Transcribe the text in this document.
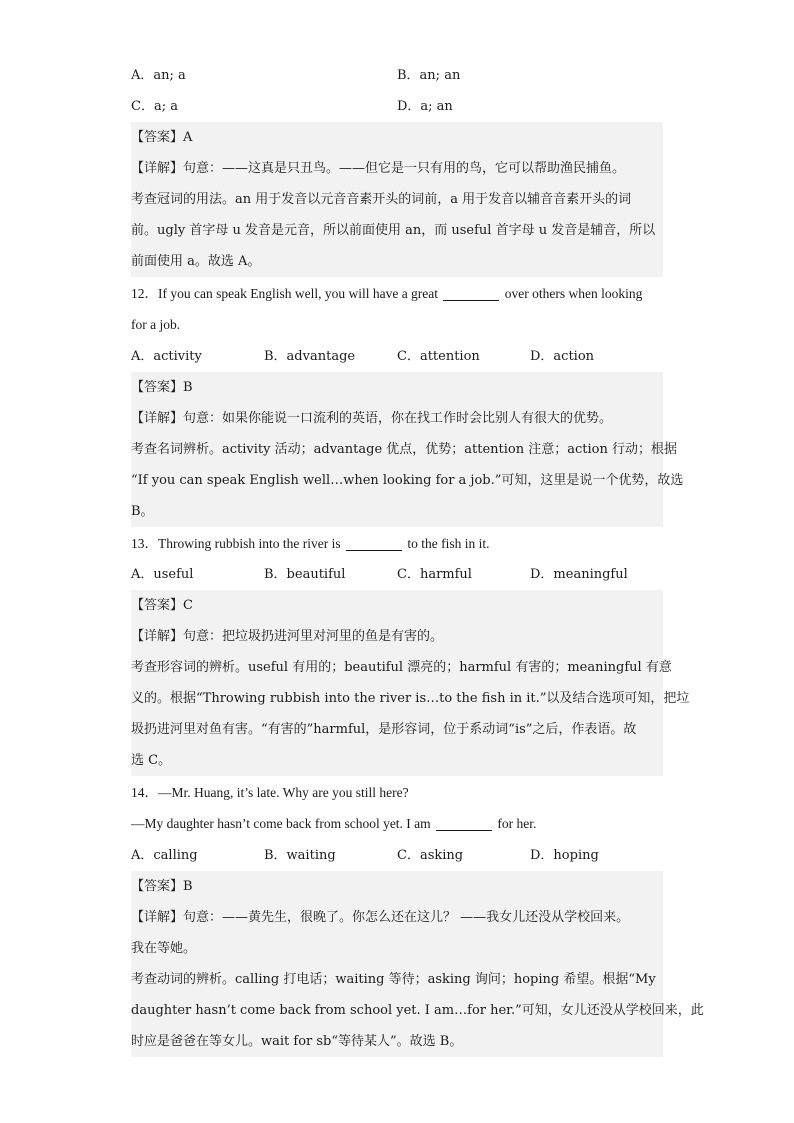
A．an; a	B．an; an
C．a; a	D．a; an
【答案】A
【详解】句意：——这真是只丑鸟。——但它是一只有用的鸟，它可以帮助渔民捕鱼。
考查冠词的用法。an 用于发音以元音音素开头的词前，a 用于发音以辅音音素开头的词
前。ugly 首字母 u 发音是元音，所以前面使用 an，而 useful 首字母 u 发音是辅音，所以
前面使用 a。故选 A。
12．If you can speak English well, you will have a great	over others when looking
for a job.
A．activity	B．advantage	C．attention	D．action
【答案】B
【详解】句意：如果你能说一口流利的英语，你在找工作时会比别人有很大的优势。
考查名词辨析。activity 活动；advantage 优点，优势；attention 注意；action 行动；根据
“If you can speak English well…when looking for a job.”可知，这里是说一个优势，故选
B。
13．Throwing rubbish into the river is	to the fish in it.
A．useful	B．beautiful	C．harmful	D．meaningful
【答案】C
【详解】句意：把垃圾扔进河里对河里的鱼是有害的。
考查形容词的辨析。useful 有用的；beautiful 漂亮的；harmful 有害的；meaningful 有意
义的。根据“Throwing rubbish into the river is…to the fish in it.”以及结合选项可知，把垃
圾扔进河里对鱼有害。“有害的”harmful，是形容词，位于系动词“is”之后，作表语。故
选 C。
14．—Mr. Huang, it’s late. Why are you still here?
—My daughter hasn’t come back from school yet. I am	for her.
A．calling	B．waiting	C．asking	D．hoping
【答案】B
【详解】句意：——黄先生，很晚了。你怎么还在这儿？ ——我女儿还没从学校回来。
我在等她。
考查动词的辨析。calling 打电话；waiting 等待；asking 询问；hoping 希望。根据“My
daughter hasn’t come back from school yet. I am…for her.”可知，女儿还没从学校回来，此
时应是爸爸在等女儿。wait for sb“等待某人”。故选 B。
